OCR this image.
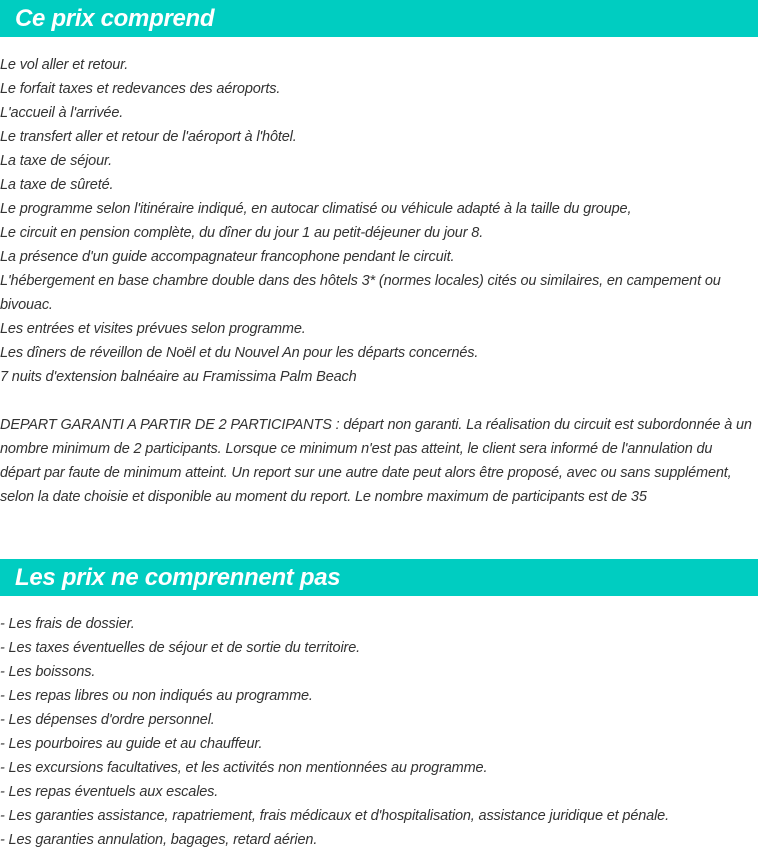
Ce prix comprend
Le vol aller et retour.
Le forfait taxes et redevances des aéroports.
L'accueil à l'arrivée.
Le transfert aller et retour de l'aéroport à l'hôtel.
La taxe de séjour.
La taxe de sûreté.
Le programme selon l'itinéraire indiqué, en autocar climatisé ou véhicule adapté à la taille du groupe,
Le circuit en pension complète, du dîner du jour 1 au petit-déjeuner du jour 8.
La présence d'un guide accompagnateur francophone pendant le circuit.
L'hébergement en base chambre double dans des hôtels 3* (normes locales) cités ou similaires, en campement ou bivouac.
Les entrées et visites prévues selon programme.
Les dîners de réveillon de Noël et du Nouvel An pour les départs concernés.
7 nuits d'extension balnéaire au Framissima Palm Beach
DEPART GARANTI A PARTIR DE 2 PARTICIPANTS : départ non garanti. La réalisation du circuit est subordonnée à un nombre minimum de 2 participants. Lorsque ce minimum n'est pas atteint, le client sera informé de l'annulation du départ par faute de minimum atteint. Un report sur une autre date peut alors être proposé, avec ou sans supplément, selon la date choisie et disponible au moment du report. Le nombre maximum de participants est de 35
Les prix ne comprennent pas
- Les frais de dossier.
- Les taxes éventuelles de séjour et de sortie du territoire.
- Les boissons.
- Les repas libres ou non indiqués au programme.
- Les dépenses d'ordre personnel.
- Les pourboires au guide et au chauffeur.
- Les excursions facultatives, et les activités non mentionnées au programme.
- Les repas éventuels aux escales.
- Les garanties assistance, rapatriement, frais médicaux et d'hospitalisation, assistance juridique et pénale.
- Les garanties annulation, bagages, retard aérien.
